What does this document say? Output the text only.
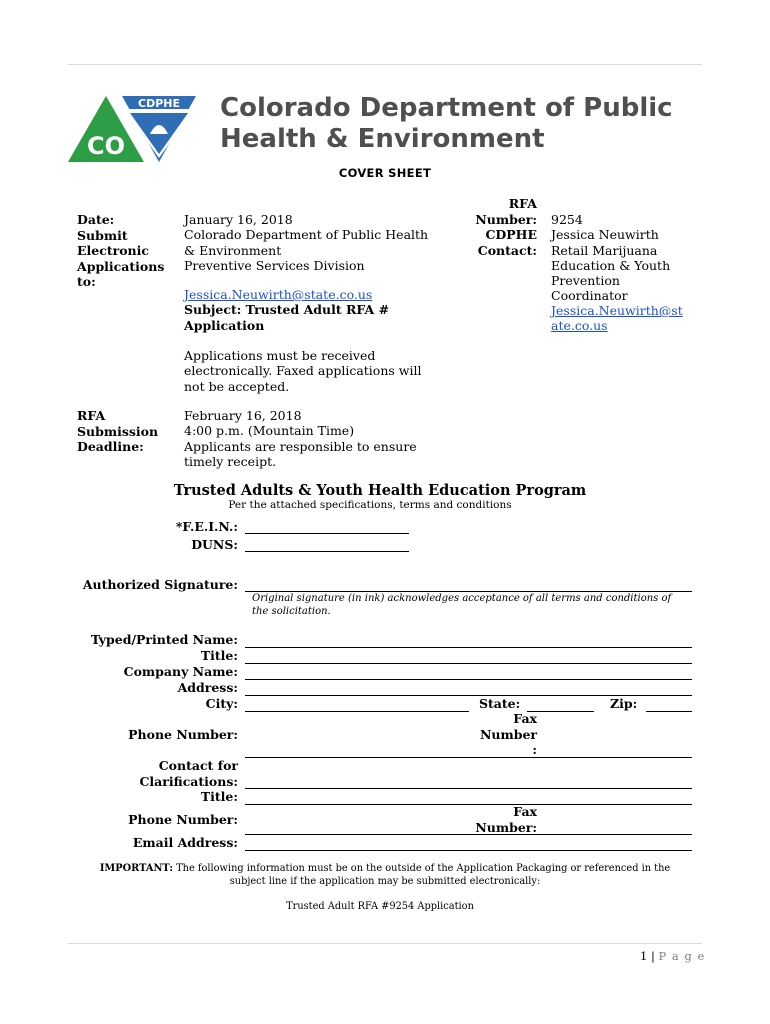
CDPHE
CO
Colorado Department of Public
Health & Environment
COVER SHEET
Date:
Submit
Electronic
Applications
to:
January 16, 2018
Colorado Department of Public Health
& Environment
Preventive Services Division
Jessica.Neuwirth@state.co.us
Subject: Trusted Adult RFA #
Application
Applications must be received
electronically. Faxed applications will
not be accepted.
RFA
Number:
CDPHE
Contact:
9254
Jessica Neuwirth
Retail Marijuana
Education & Youth
Prevention
Coordinator
Jessica.Neuwirth@st
ate.co.us
RFA
Submission
Deadline:
February 16, 2018
4:00 p.m. (Mountain Time)
Applicants are responsible to ensure
timely receipt.
Trusted Adults & Youth Health Education Program
Per the attached specifications, terms and conditions
*F.E.I.N.:
DUNS:
Authorized Signature:
Original signature (in ink) acknowledges acceptance of all terms and conditions of
the solicitation.
Typed/Printed Name:
Title:
Company Name:
Address:
City:	State:	Zip:
Phone Number:
Fax
Number
:
Contact for
Clarifications:
Title:
Phone Number:
Fax
Number:
Email Address:
IMPORTANT: The following information must be on the outside of the Application Packaging or referenced in the
subject line if the application may be submitted electronically:
Trusted Adult RFA #9254 Application
1 | P a g e
